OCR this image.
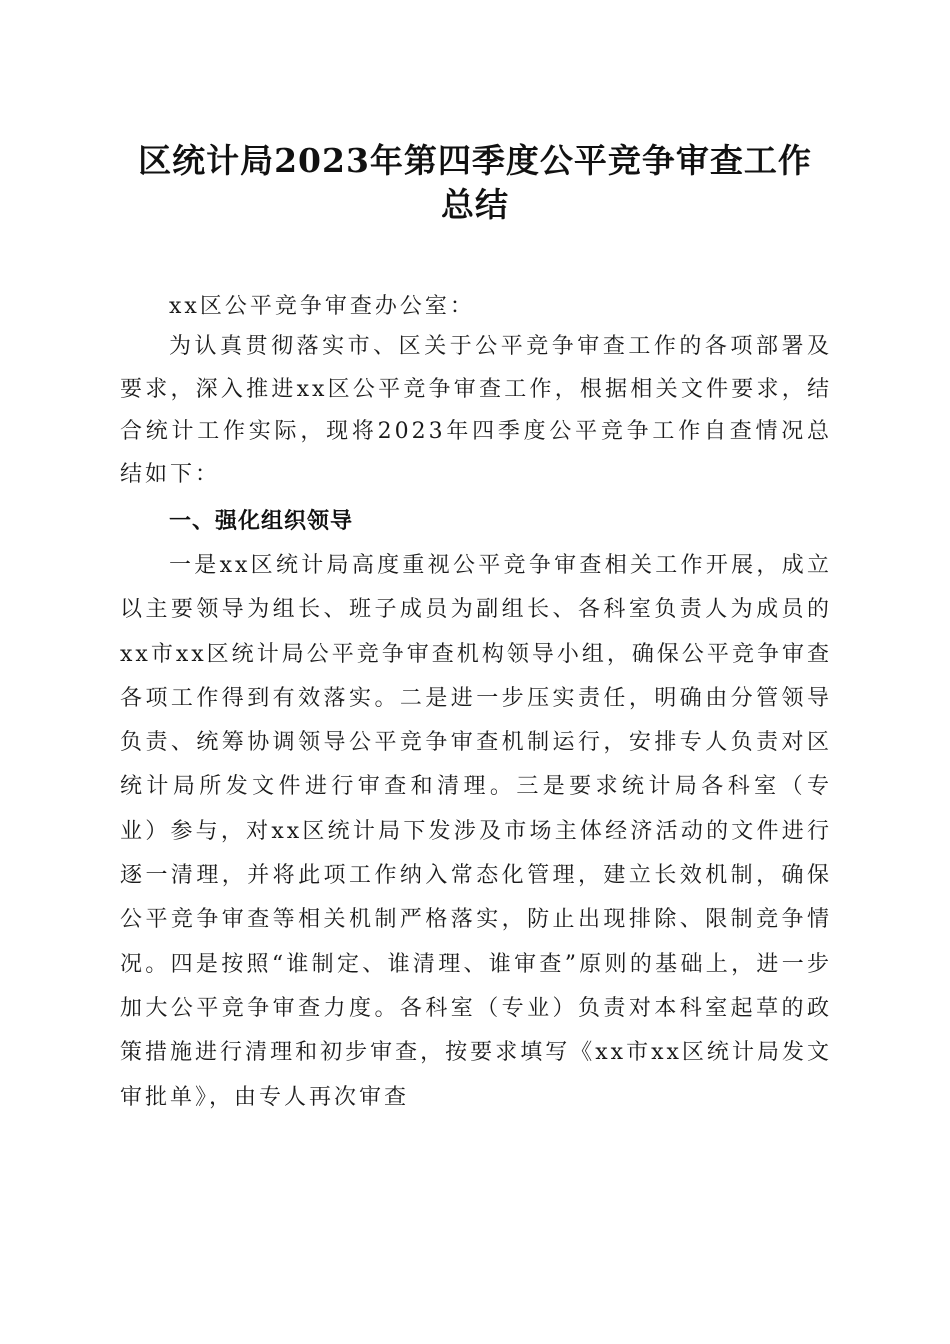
区统计局2023年第四季度公平竞争审查工作
总结

xx区公平竞争审查办公室：

为认真贯彻落实市、区关于公平竞争审查工作的各项部署及要求，深入推进xx区公平竞争审查工作，根据相关文件要求，结合统计工作实际，现将2023年四季度公平竞争工作自查情况总结如下：

一、强化组织领导

一是xx区统计局高度重视公平竞争审查相关工作开展，成立以主要领导为组长、班子成员为副组长、各科室负责人为成员的xx市xx区统计局公平竞争审查机构领导小组，确保公平竞争审查各项工作得到有效落实。二是进一步压实责任，明确由分管领导负责、统筹协调领导公平竞争审查机制运行，安排专人负责对区统计局所发文件进行审查和清理。三是要求统计局各科室（专业）参与，对xx区统计局下发涉及市场主体经济活动的文件进行逐一清理，并将此项工作纳入常态化管理，建立长效机制，确保公平竞争审查等相关机制严格落实，防止出现排除、限制竞争情况。四是按照“谁制定、谁清理、谁审查”原则的基础上，进一步加大公平竞争审查力度。各科室（专业）负责对本科室起草的政策措施进行清理和初步审查，按要求填写《xx市xx区统计局发文审批单》，由专人再次审查
